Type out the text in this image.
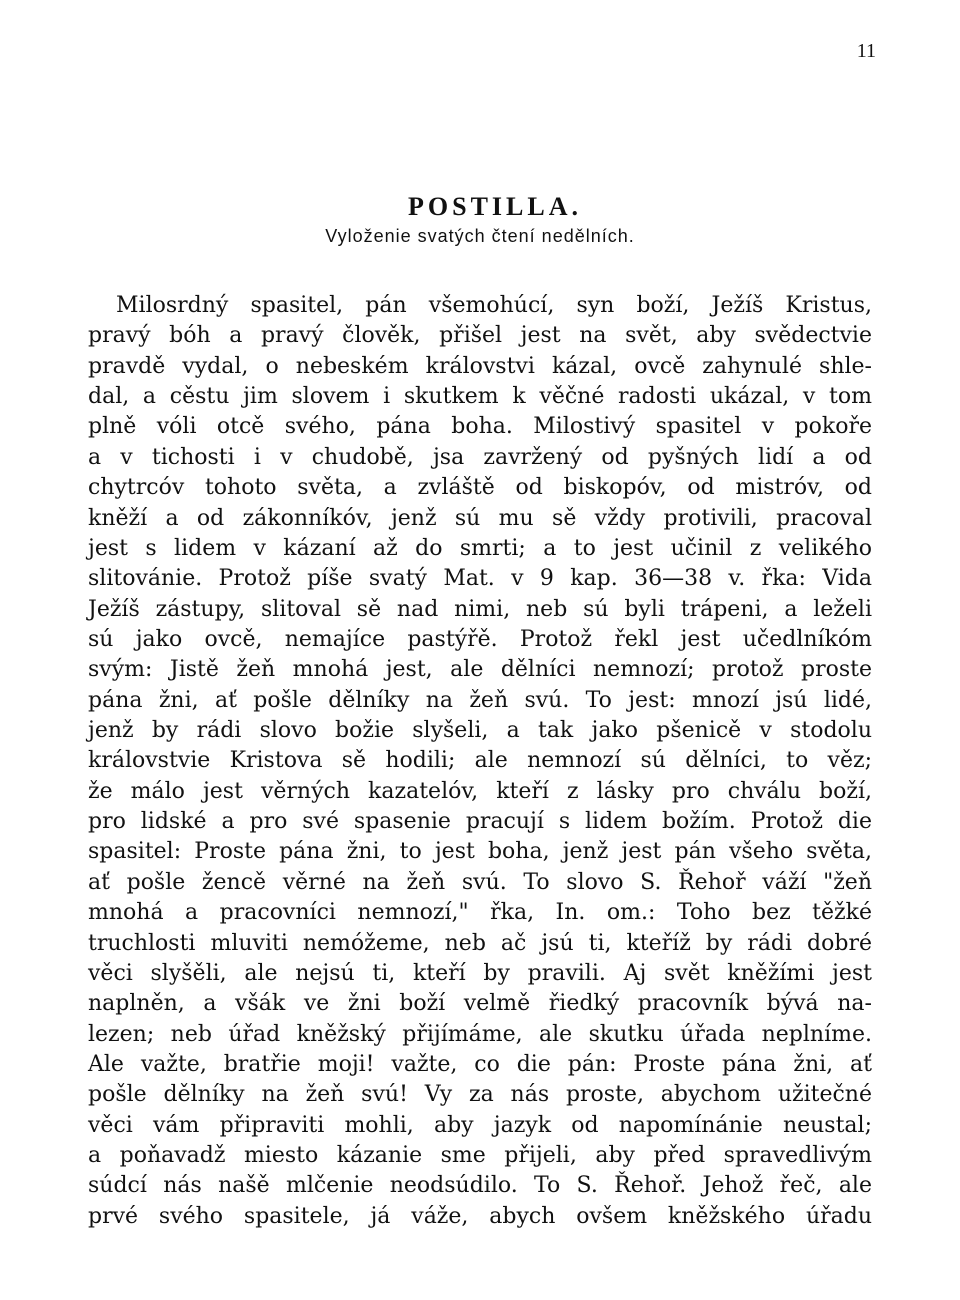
11
POSTILLA.
Vyloženie svatých čtení nedělních.
Milosrdný spasitel, pán všemohúcí, syn boží, Ježíš Kristus,
pravý bóh a pravý člověk, přišel jest na svět, aby svědectvie
pravdě vydal, o nebeském královstvi kázal, ovcě zahynulé shle-
dal, a cěstu jim slovem i skutkem k věčné radosti ukázal, v tom
plně vóli otcě svého, pána boha. Milostivý spasitel v pokoře
a v tichosti i v chudobě, jsa zavržený od pyšných lidí a od
chytrcóv tohoto světa, a zvláště od biskopóv, od mistróv, od
kněží a od zákonníkóv, jenž sú mu sě vždy protivili, pracoval
jest s lidem v kázaní až do smrti; a to jest učinil z velikého
slitovánie. Protož píše svatý Mat. v 9 kap. 36—38 v. řka: Vida
Ježíš zástupy, slitoval sě nad nimi, neb sú byli trápeni, a leželi
sú jako ovcě, nemajíce pastýřě. Protož řekl jest učedlníkóm
svým: Jistě žeň mnohá jest, ale dělníci nemnozí; protož proste
pána žni, ať pošle dělníky na žeň svú. To jest: mnozí jsú lidé,
jenž by rádi slovo božie slyšeli, a tak jako pšenicě v stodolu
královstvie Kristova sě hodili; ale nemnozí sú dělníci, to věz;
že málo jest věrných kazatelóv, kteří z lásky pro chválu boží,
pro lidské a pro své spasenie pracují s lidem božím. Protož die
spasitel: Proste pána žni, to jest boha, jenž jest pán všeho světa,
ať pošle žencě věrné na žeň svú. To slovo S. Řehoř váží "žeň
mnohá a pracovníci nemnozí," řka, In. om.: Toho bez těžké
truchlosti mluviti nemóžeme, neb ač jsú ti, kteříž by rádi dobré
věci slyšěli, ale nejsú ti, kteří by pravili. Aj svět kněžími jest
naplněn, a všák ve žni boží velmě řiedký pracovník bývá na-
lezen; neb úřad kněžský přijímáme, ale skutku úřada neplníme.
Ale važte, bratřie moji! važte, co die pán: Proste pána žni, ať
pošle dělníky na žeň svú! Vy za nás proste, abychom užitečné
věci vám připraviti mohli, aby jazyk od napomínánie neustal;
a poňavadž miesto kázanie sme přijeli, aby před spravedlivým
súdcí nás našě mlčenie neodsúdilo. To S. Řehoř. Jehož řeč, ale
prvé svého spasitele, já váže, abych ovšem kněžského úřadu
